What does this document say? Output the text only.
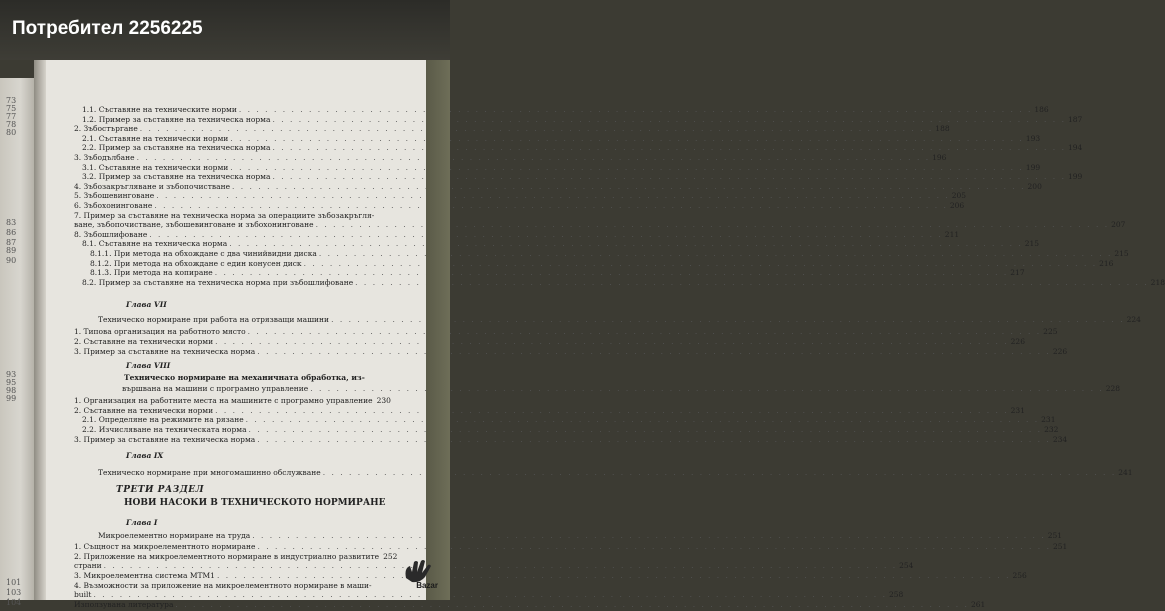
Потребител 2256225
73
75
77
78
80
83
86
87
89
90
93
95
98
99
101
103
104
1.1. Съставяне на техническите норми . . .	186
1.2. Пример за съставяне на техническа норма . . .	187
2. Зъбостъргане . . .	188
2.1. Съставяне на технически норми . . .	193
2.2. Пример за съставяне на техническа норма . . .	194
3. Зъбодълбане . . .	196
3.1. Съставяне на технически норми . . .	199
3.2. Пример за съставяне на техническа норма . . .	199
4. Зъбозакръгляване и зъбопочистване . . .	200
5. Зъбошевинговане . . .	205
6. Зъбохонинговане . . .	206
7. Пример за съставяне на техническа норма за операциите зъбозакръгля-
ване, зъбопочистване, зъбошевинговане и зъбохонинговане . . .	207
8. Зъбошлифоване . . .	211
8.1. Съставяне на техническа норма . . .	215
8.1.1. При метода на обхождане с два чинийвидни диска . . .	215
8.1.2. При метода на обхождане с един конусен диск . . .	216
8.1.3. При метода на копиране . . .	217
8.2. Пример за съставяне на техническа норма при зъбошлифоване . . .	218
Глава VII
Техническо нормиране при работа на отрязващи машини . . .	224
1. Типова организация на работното място . . .	225
2. Съставяне на технически норми . . .	226
3. Пример за съставяне на техническа норма . . .	226
Глава VIII
Техническо нормиране на механичната обработка, из-
вършвана на машини с програмно управление . . .	228
1. Организация на работните места на машините с програмно управление 230
2. Съставяне на технически норми . . .	231
2.1. Определяне на режимите на рязане . . .	231
2.2. Изчисляване на техническата норма . . .	232
3. Пример за съставяне на техническа норма . . .	234
Глава IX
Техническо нормиране при многомашинно обслужване . . .	241
ТРЕТИ РАЗДЕЛ
НОВИ НАСОКИ В ТЕХНИЧЕСКОТО НОРМИРАНЕ
Глава I
Микроелементно нормиране на труда . . .	251
1. Същност на микроелементното нормиране . . .	251
2. Приложение на микроелементното нормиране в индустриално развитите 252
страни . . .	254
3. Микроелементна система МТМ1 . . .	256
4. Възможности за приложение на микроелементното нормиране в маши-
built . . .	258
Използувана литература . . .	261
Bazar
